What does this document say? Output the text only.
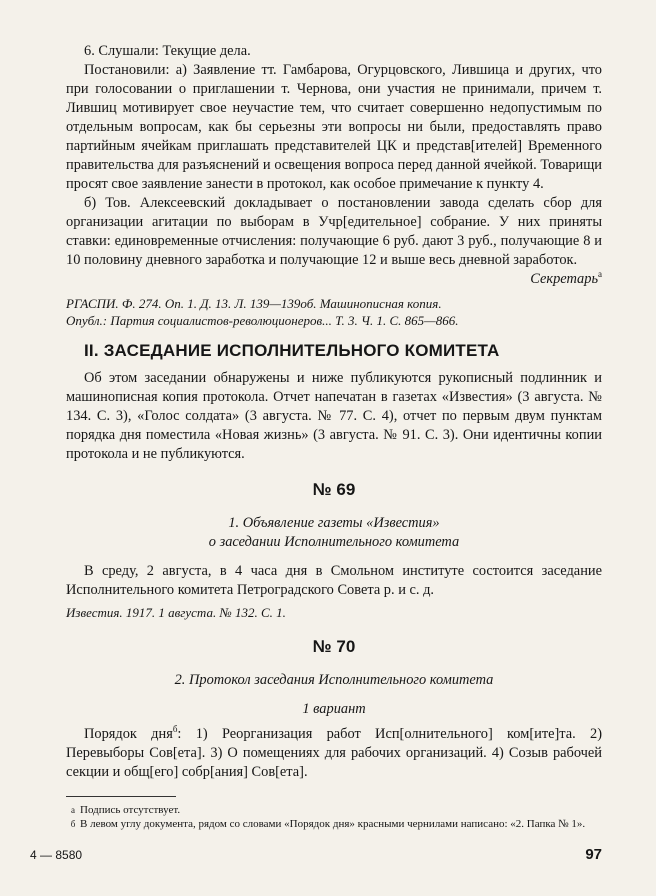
6. Слушали: Текущие дела.

Постановили: а) Заявление тт. Гамбарова, Огурцовского, Лившица и других, что при голосовании о приглашении т. Чернова, они участия не принимали, причем т. Лившиц мотивирует свое неучастие тем, что считает совершенно недопустимым по отдельным вопросам, как бы серьезны эти вопросы ни были, предоставлять право партийным ячейкам приглашать представителей ЦК и представ[ителей] Временного правительства для разъяснений и освещения вопроса перед данной ячейкой. Товарищи просят свое заявление занести в протокол, как особое примечание к пункту 4.

б) Тов. Алексеевский докладывает о постановлении завода сделать сбор для организации агитации по выборам в Учр[едительное] собрание. У них приняты ставки: единовременные отчисления: получающие 6 руб. дают 3 руб., получающие 8 и 10 половину дневного заработка и получающие 12 и выше весь дневной заработок.

Секретарь$^а$

РГАСПИ. Ф. 274. Оп. 1. Д. 13. Л. 139—139об. Машинописная копия.

Опубл.: Партия социалистов-революционеров... Т. 3. Ч. 1. С. 865—866.

II. ЗАСЕДАНИЕ ИСПОЛНИТЕЛЬНОГО КОМИТЕТА

Об этом заседании обнаружены и ниже публикуются рукописный подлинник и машинописная копия протокола. Отчет напечатан в газетах «Известия» (3 августа. № 134. С. 3), «Голос солдата» (3 августа. № 77. С. 4), отчет по первым двум пунктам порядка дня поместила «Новая жизнь» (3 августа. № 91. С. 3). Они идентичны копии протокола и не публикуются.

№ 69

1. Объявление газеты «Известия»

о заседании Исполнительного комитета

В среду, 2 августа, в 4 часа дня в Смольном институте состоится заседание Исполнительного комитета Петроградского Совета р. и с. д.

Известия. 1917. 1 августа. № 132. С. 1.

№ 70

2. Протокол заседания Исполнительного комитета

1 вариант

Порядок дня$^б$: 1) Реорганизация работ Исп[олнительного] ком[ите]та. 2) Перевыборы Сов[ета]. 3) О помещениях для рабочих организаций. 4) Созыв рабочей секции и общ[его] собр[ания] Сов[ета].

а Подпись отсутствует.
б В левом углу документа, рядом со словами «Порядок дня» красными чернилами написано: «2. Папка № 1».
4 — 8580	97
